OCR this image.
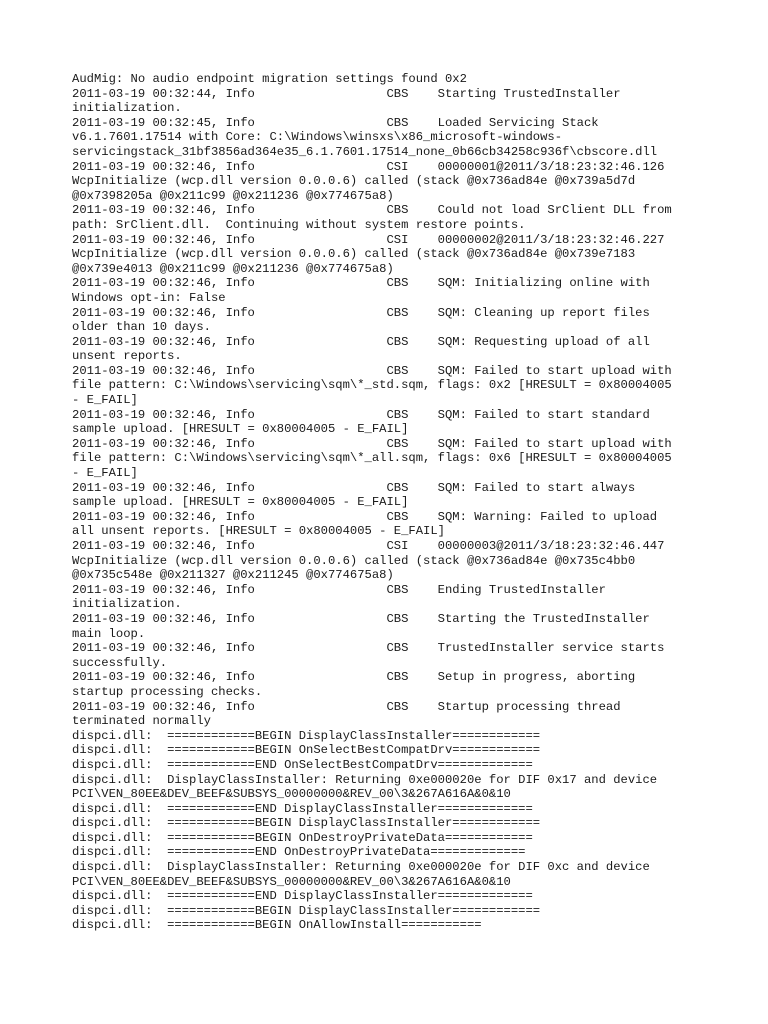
AudMig: No audio endpoint migration settings found 0x2
2011-03-19 00:32:44, Info                  CBS    Starting TrustedInstaller
initialization.
2011-03-19 00:32:45, Info                  CBS    Loaded Servicing Stack
v6.1.7601.17514 with Core: C:\Windows\winsxs\x86_microsoft-windows-
servicingstack_31bf3856ad364e35_6.1.7601.17514_none_0b66cb34258c936f\cbscore.dll
2011-03-19 00:32:46, Info                  CSI    00000001@2011/3/18:23:32:46.126
WcpInitialize (wcp.dll version 0.0.0.6) called (stack @0x736ad84e @0x739a5d7d
@0x7398205a @0x211c99 @0x211236 @0x774675a8)
2011-03-19 00:32:46, Info                  CBS    Could not load SrClient DLL from
path: SrClient.dll.  Continuing without system restore points.
2011-03-19 00:32:46, Info                  CSI    00000002@2011/3/18:23:32:46.227
WcpInitialize (wcp.dll version 0.0.0.6) called (stack @0x736ad84e @0x739e7183
@0x739e4013 @0x211c99 @0x211236 @0x774675a8)
2011-03-19 00:32:46, Info                  CBS    SQM: Initializing online with
Windows opt-in: False
2011-03-19 00:32:46, Info                  CBS    SQM: Cleaning up report files
older than 10 days.
2011-03-19 00:32:46, Info                  CBS    SQM: Requesting upload of all
unsent reports.
2011-03-19 00:32:46, Info                  CBS    SQM: Failed to start upload with
file pattern: C:\Windows\servicing\sqm\*_std.sqm, flags: 0x2 [HRESULT = 0x80004005
- E_FAIL]
2011-03-19 00:32:46, Info                  CBS    SQM: Failed to start standard
sample upload. [HRESULT = 0x80004005 - E_FAIL]
2011-03-19 00:32:46, Info                  CBS    SQM: Failed to start upload with
file pattern: C:\Windows\servicing\sqm\*_all.sqm, flags: 0x6 [HRESULT = 0x80004005
- E_FAIL]
2011-03-19 00:32:46, Info                  CBS    SQM: Failed to start always
sample upload. [HRESULT = 0x80004005 - E_FAIL]
2011-03-19 00:32:46, Info                  CBS    SQM: Warning: Failed to upload
all unsent reports. [HRESULT = 0x80004005 - E_FAIL]
2011-03-19 00:32:46, Info                  CSI    00000003@2011/3/18:23:32:46.447
WcpInitialize (wcp.dll version 0.0.0.6) called (stack @0x736ad84e @0x735c4bb0
@0x735c548e @0x211327 @0x211245 @0x774675a8)
2011-03-19 00:32:46, Info                  CBS    Ending TrustedInstaller
initialization.
2011-03-19 00:32:46, Info                  CBS    Starting the TrustedInstaller
main loop.
2011-03-19 00:32:46, Info                  CBS    TrustedInstaller service starts
successfully.
2011-03-19 00:32:46, Info                  CBS    Setup in progress, aborting
startup processing checks.
2011-03-19 00:32:46, Info                  CBS    Startup processing thread
terminated normally
dispci.dll:  ============BEGIN DisplayClassInstaller============
dispci.dll:  ============BEGIN OnSelectBestCompatDrv============
dispci.dll:  ============END OnSelectBestCompatDrv=============
dispci.dll:  DisplayClassInstaller: Returning 0xe000020e for DIF 0x17 and device
PCI\VEN_80EE&DEV_BEEF&SUBSYS_00000000&REV_00\3&267A616A&0&10
dispci.dll:  ============END DisplayClassInstaller=============
dispci.dll:  ============BEGIN DisplayClassInstaller============
dispci.dll:  ============BEGIN OnDestroyPrivateData============
dispci.dll:  ============END OnDestroyPrivateData=============
dispci.dll:  DisplayClassInstaller: Returning 0xe000020e for DIF 0xc and device
PCI\VEN_80EE&DEV_BEEF&SUBSYS_00000000&REV_00\3&267A616A&0&10
dispci.dll:  ============END DisplayClassInstaller=============
dispci.dll:  ============BEGIN DisplayClassInstaller============
dispci.dll:  ============BEGIN OnAllowInstall===========
